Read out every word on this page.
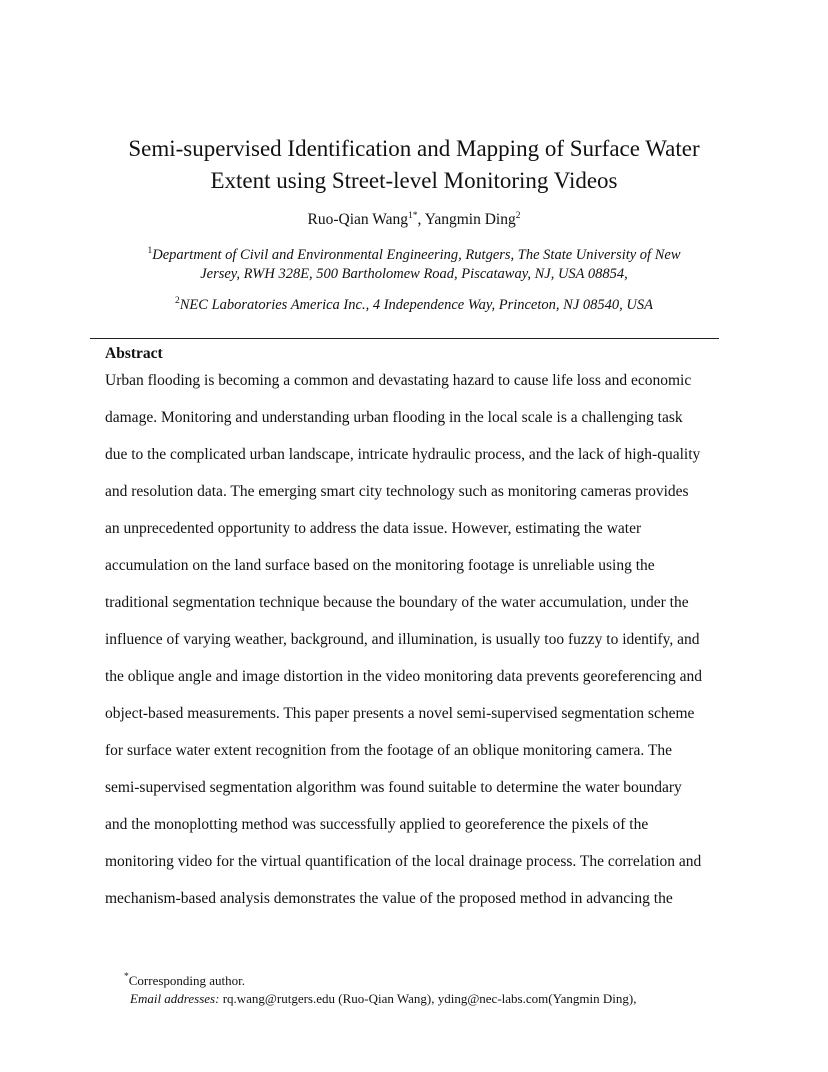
Semi-supervised Identification and Mapping of Surface Water
Extent using Street-level Monitoring Videos
Ruo-Qian Wang$^{1*}$, Yangmin Ding$^2$
$^1$Department of Civil and Environmental Engineering, Rutgers, The State University of New
Jersey, RWH 328E, 500 Bartholomew Road, Piscataway, NJ, USA 08854,
$^2$NEC Laboratories America Inc., 4 Independence Way, Princeton, NJ 08540, USA
Abstract
Urban flooding is becoming a common and devastating hazard to cause life loss and economic
damage. Monitoring and understanding urban flooding in the local scale is a challenging task
due to the complicated urban landscape, intricate hydraulic process, and the lack of high-quality
and resolution data. The emerging smart city technology such as monitoring cameras provides
an unprecedented opportunity to address the data issue. However, estimating the water
accumulation on the land surface based on the monitoring footage is unreliable using the
traditional segmentation technique because the boundary of the water accumulation, under the
influence of varying weather, background, and illumination, is usually too fuzzy to identify, and
the oblique angle and image distortion in the video monitoring data prevents georeferencing and
object-based measurements. This paper presents a novel semi-supervised segmentation scheme
for surface water extent recognition from the footage of an oblique monitoring camera. The
semi-supervised segmentation algorithm was found suitable to determine the water boundary
and the monoplotting method was successfully applied to georeference the pixels of the
monitoring video for the virtual quantification of the local drainage process. The correlation and
mechanism-based analysis demonstrates the value of the proposed method in advancing the
*Corresponding author.
Email addresses: rq.wang@rutgers.edu (Ruo-Qian Wang), yding@nec-labs.com(Yangmin Ding),
